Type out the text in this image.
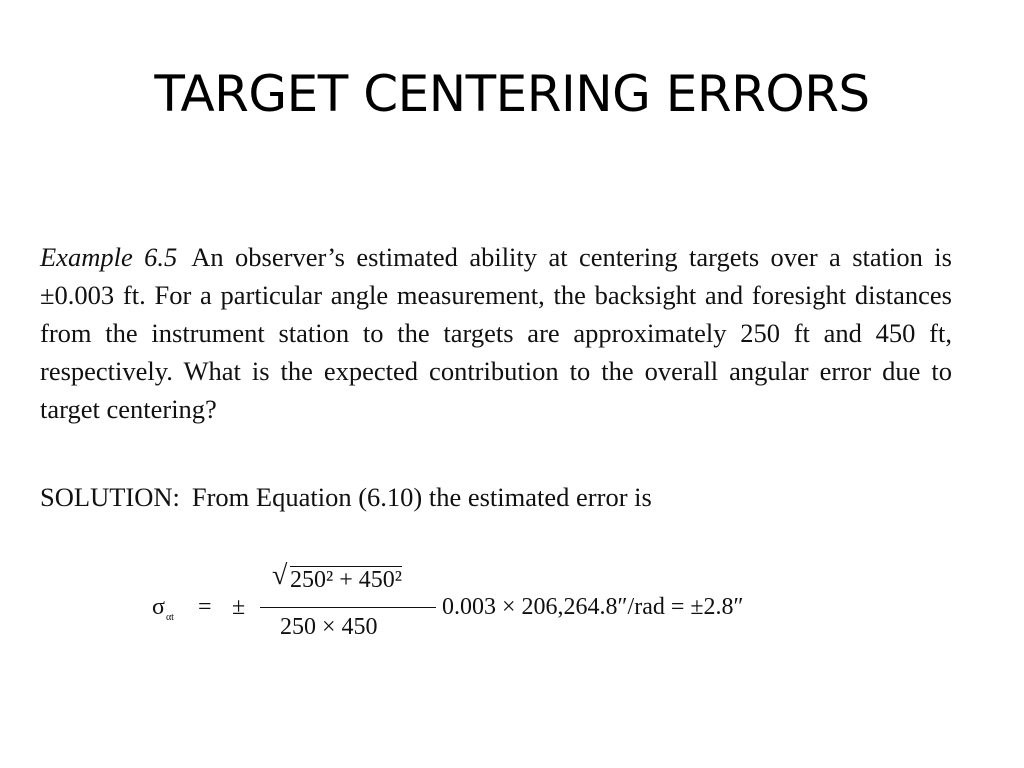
TARGET CENTERING ERRORS
Example 6.5 An observer’s estimated ability at centering targets over a station is ±0.003 ft. For a particular angle measurement, the backsight and foresight distances from the instrument station to the targets are approximately 250 ft and 450 ft, respectively. What is the expected contribution to the overall angular error due to target centering?
SOLUTION: From Equation (6.10) the estimated error is
$\sigma_{\alpha t}$ = ±
√ 250² + 450²
250 × 450
0.003 × 206,264.8″/rad = ±2.8″
